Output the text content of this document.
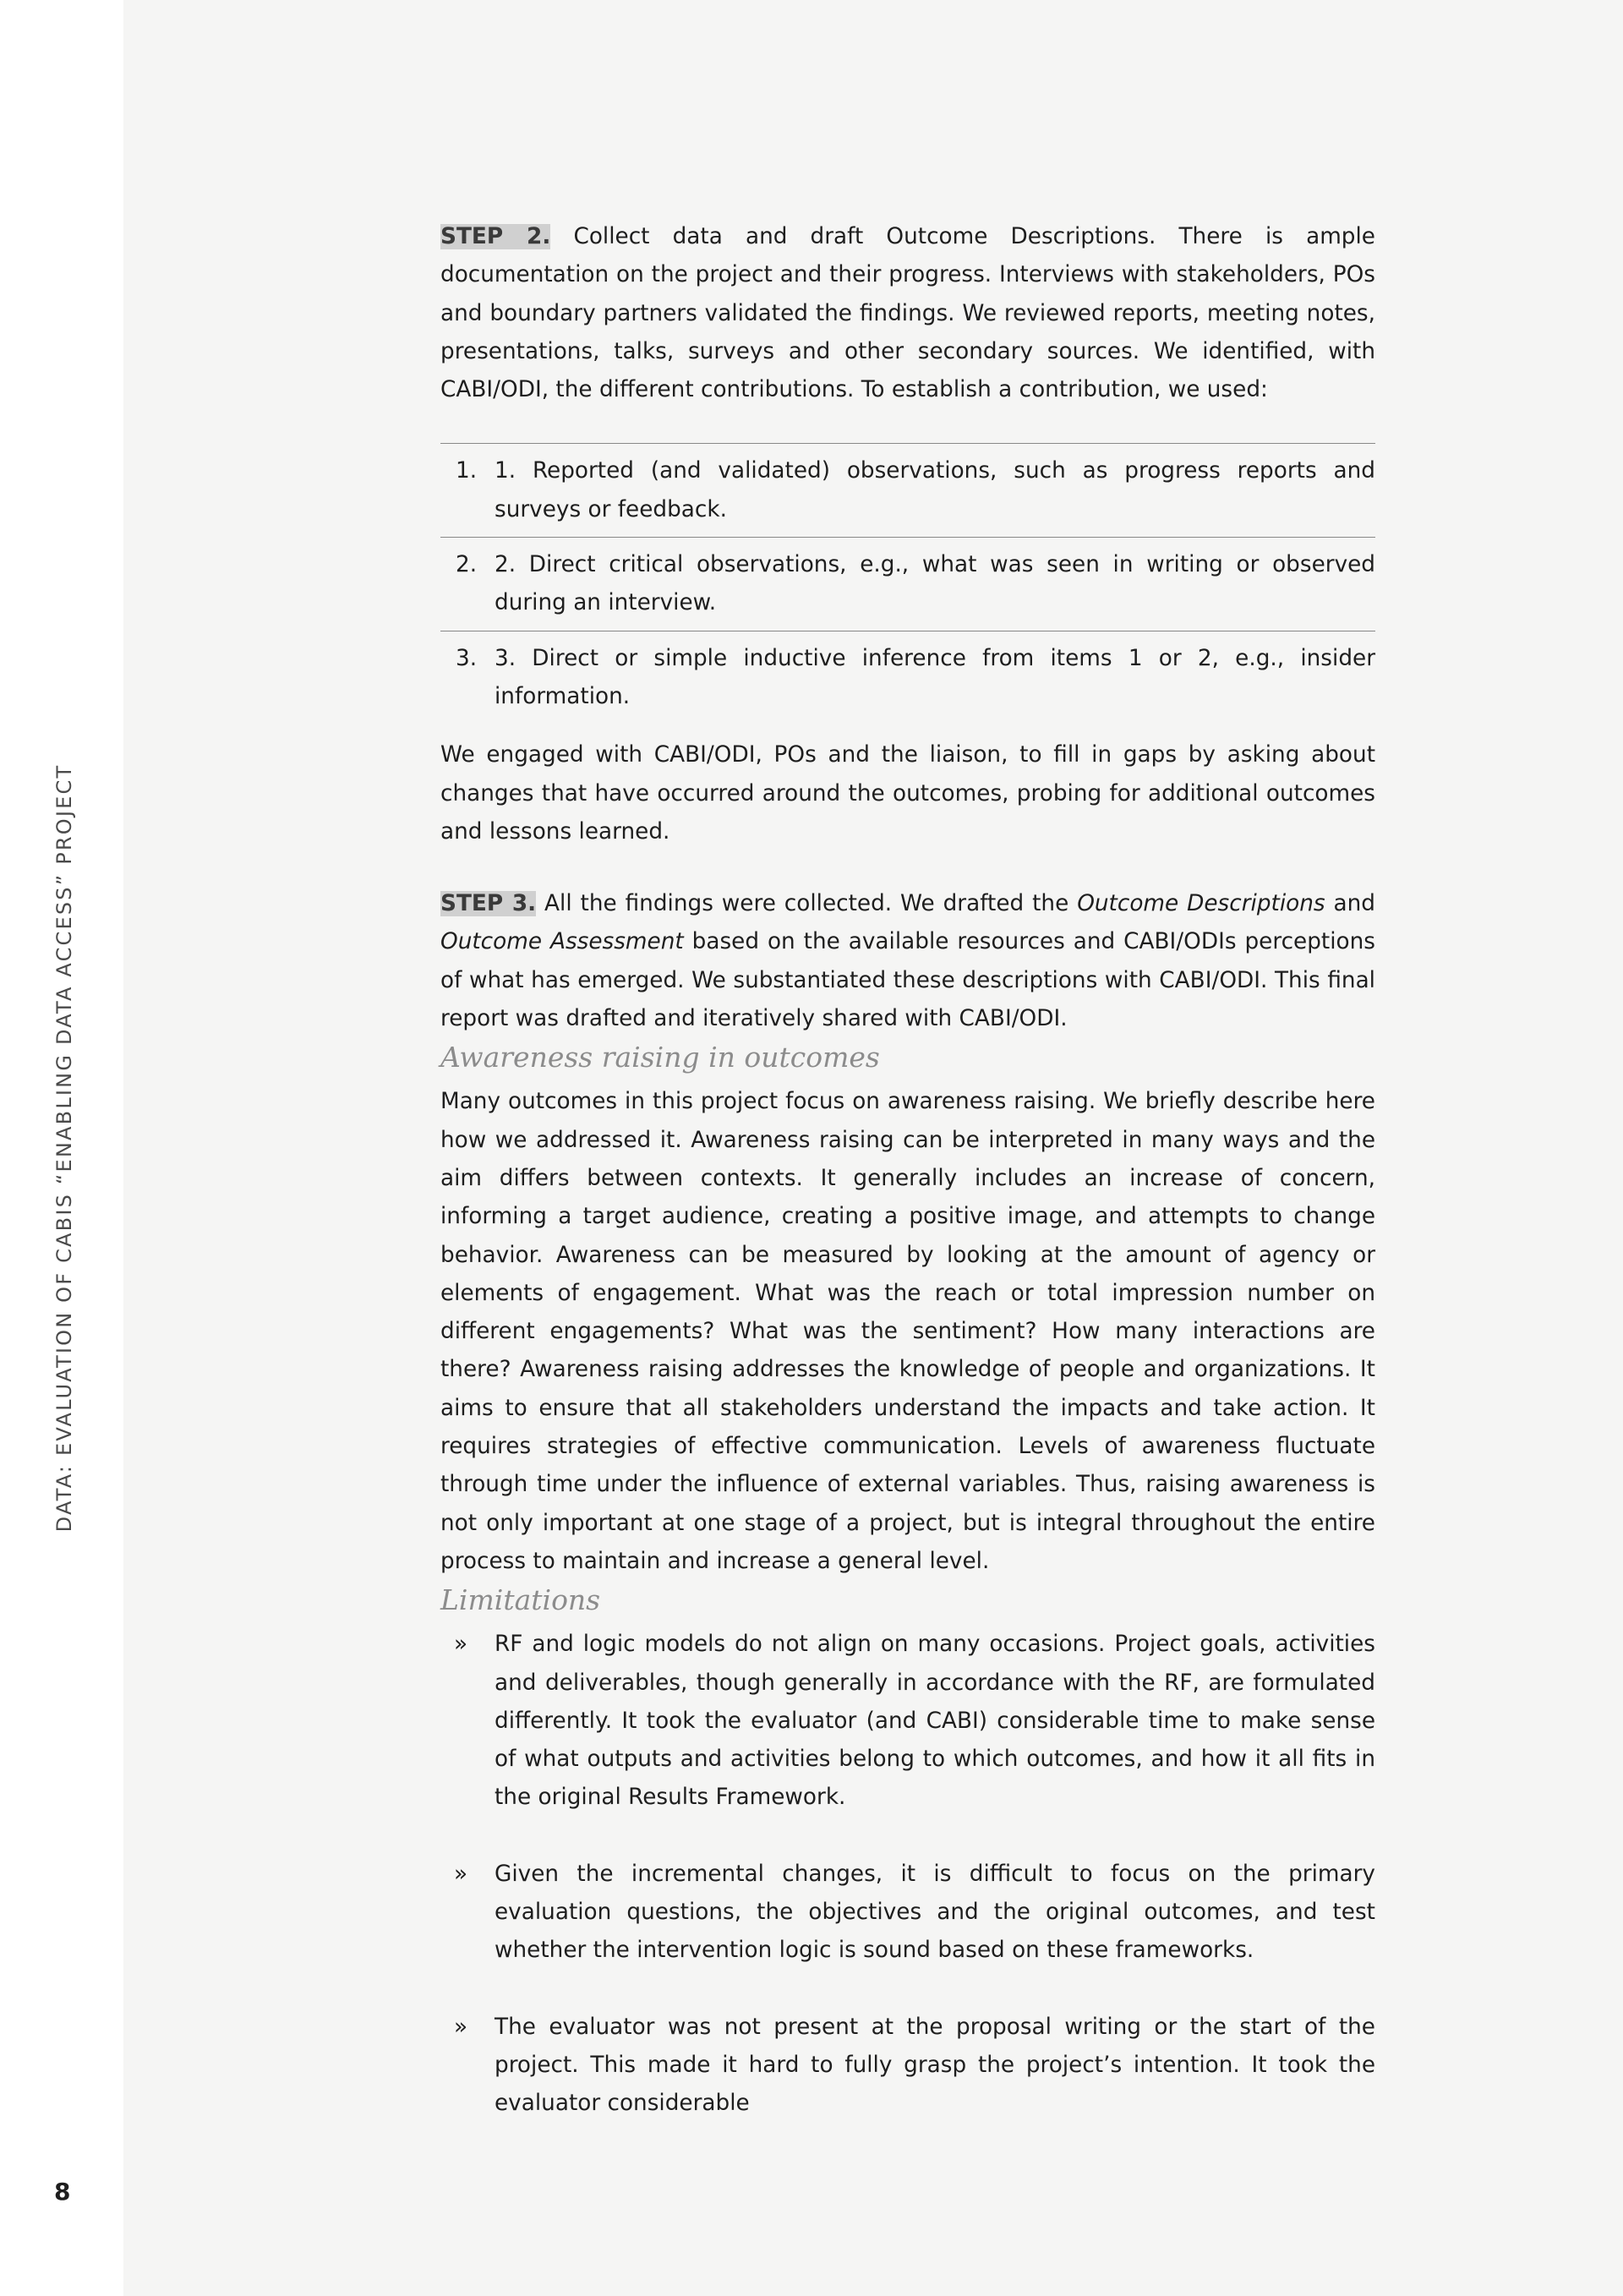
DATA: EVALUATION OF CABIS “ENABLING DATA ACCESS” PROJECT
8

STEP 2. Collect data and draft Outcome Descriptions. There is ample documentation on the project and their progress. Interviews with stakeholders, POs and boundary partners validated the findings. We reviewed reports, meeting notes, presentations, talks, surveys and other secondary sources. We identified, with CABI/ODI, the different contributions. To establish a contribution, we used:

1. 1. Reported (and validated) observations, such as progress reports and surveys or feedback.
2. 2. Direct critical observations, e.g., what was seen in writing or observed during an interview.
3. 3. Direct or simple inductive inference from items 1 or 2, e.g., insider information.

We engaged with CABI/ODI, POs and the liaison, to fill in gaps by asking about changes that have occurred around the outcomes, probing for additional outcomes and lessons learned.

STEP 3. All the findings were collected. We drafted the Outcome Descriptions and Outcome Assessment based on the available resources and CABI/ODIs perceptions of what has emerged. We substantiated these descriptions with CABI/ODI. This final report was drafted and iteratively shared with CABI/ODI.

Awareness raising in outcomes

Many outcomes in this project focus on awareness raising. We briefly describe here how we addressed it. Awareness raising can be interpreted in many ways and the aim differs between contexts. It generally includes an increase of concern, informing a target audience, creating a positive image, and attempts to change behavior. Awareness can be measured by looking at the amount of agency or elements of engagement. What was the reach or total impression number on different engagements? What was the sentiment? How many interactions are there? Awareness raising addresses the knowledge of people and organizations. It aims to ensure that all stakeholders understand the impacts and take action. It requires strategies of effective communication. Levels of awareness fluctuate through time under the influence of external variables. Thus, raising awareness is not only important at one stage of a project, but is integral throughout the entire process to maintain and increase a general level.

Limitations
» RF and logic models do not align on many occasions. Project goals, activities and deliverables, though generally in accordance with the RF, are formulated differently. It took the evaluator (and CABI) considerable time to make sense of what outputs and activities belong to which outcomes, and how it all fits in the original Results Framework.
» Given the incremental changes, it is difficult to focus on the primary evaluation questions, the objectives and the original outcomes, and test whether the intervention logic is sound based on these frameworks.
» The evaluator was not present at the proposal writing or the start of the project. This made it hard to fully grasp the project’s intention. It took the evaluator considerable
